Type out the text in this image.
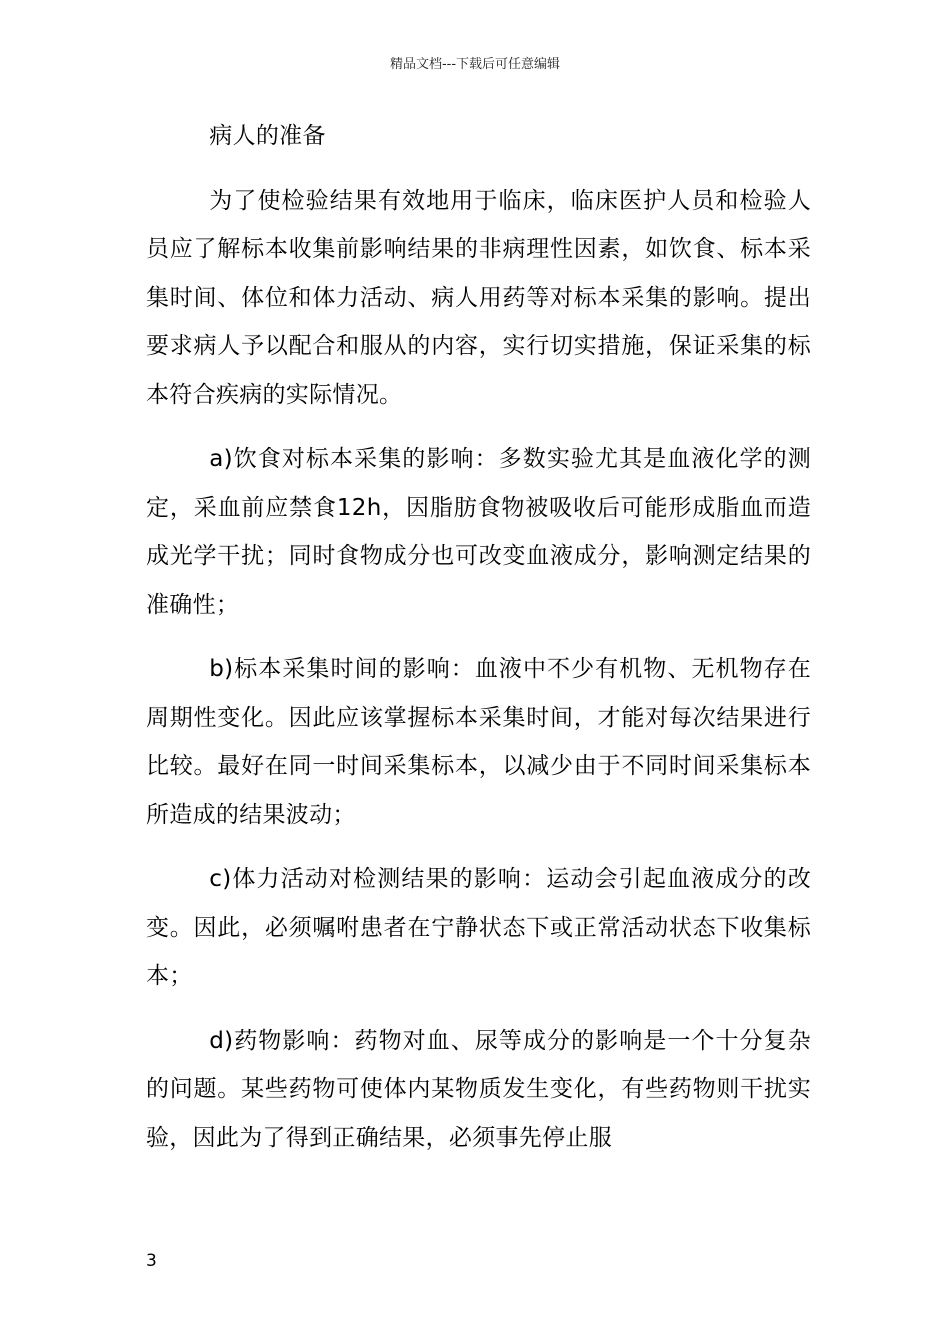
精品文档---下载后可任意编辑

病人的准备

为了使检验结果有效地用于临床，临床医护人员和检验人员应了解标本收集前影响结果的非病理性因素，如饮食、标本采集时间、体位和体力活动、病人用药等对标本采集的影响。提出要求病人予以配合和服从的内容，实行切实措施，保证采集的标本符合疾病的实际情况。

a)饮食对标本采集的影响：多数实验尤其是血液化学的测定，采血前应禁食12h，因脂肪食物被吸收后可能形成脂血而造成光学干扰；同时食物成分也可改变血液成分，影响测定结果的准确性；

b)标本采集时间的影响：血液中不少有机物、无机物存在周期性变化。因此应该掌握标本采集时间，才能对每次结果进行比较。最好在同一时间采集标本，以减少由于不同时间采集标本所造成的结果波动；

c)体力活动对检测结果的影响：运动会引起血液成分的改变。因此，必须嘱咐患者在宁静状态下或正常活动状态下收集标本；

d)药物影响：药物对血、尿等成分的影响是一个十分复杂的问题。某些药物可使体内某物质发生变化，有些药物则干扰实验，因此为了得到正确结果，必须事先停止服

3
